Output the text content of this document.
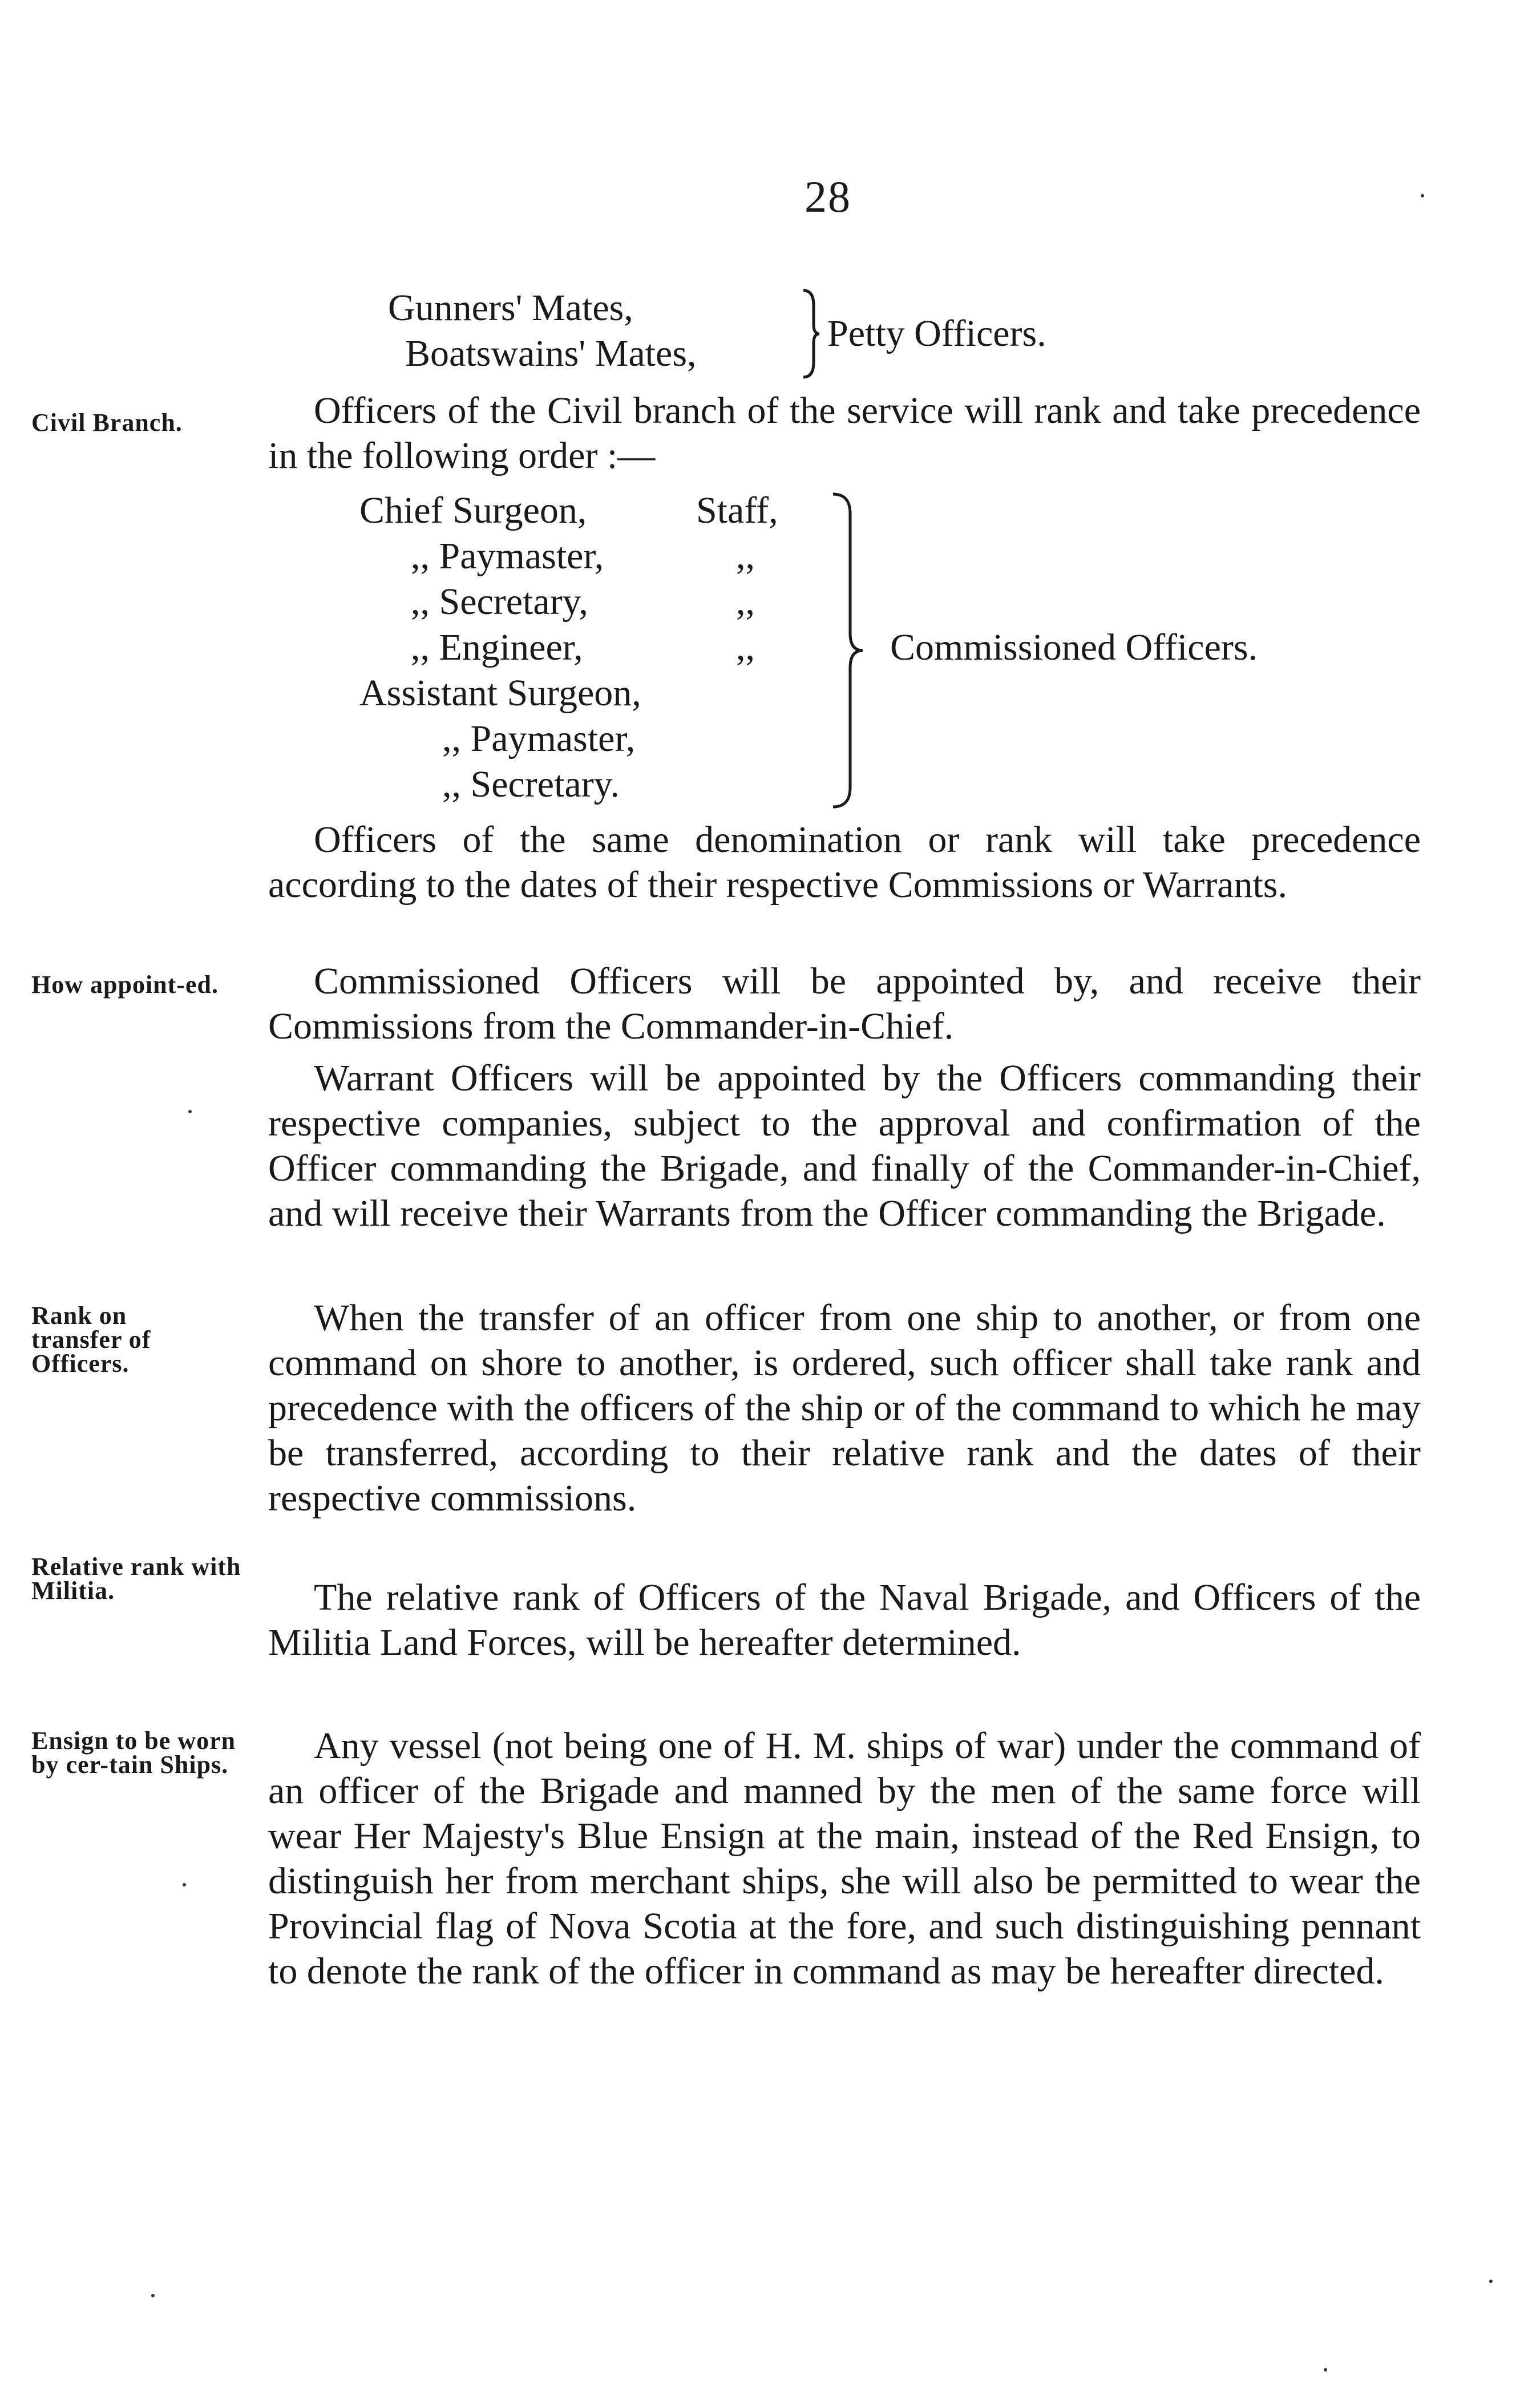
28
Gunners' Mates,
Boatswains' Mates,	Petty Officers.
Civil Branch.	Officers of the Civil branch of the service will rank and take precedence in the following order :—

Chief Surgeon,	Staff,
,, Paymaster,	,,
,, Secretary,	,,
,, Engineer,	,,
Assistant Surgeon,
,, Paymaster,
,, Secretary.
Commissioned Officers.

Officers of the same denomination or rank will take precedence according to the dates of their respective Commissions or Warrants.

How appoint-ed.	Commissioned Officers will be appointed by, and receive their Commissions from the Commander-in-Chief.

Warrant Officers will be appointed by the Officers commanding their respective companies, subject to the approval and confirmation of the Officer commanding the Brigade, and finally of the Commander-in-Chief, and will receive their Warrants from the Officer commanding the Brigade.

Rank on transfer of Officers.

When the transfer of an officer from one ship to another, or from one command on shore to another, is ordered, such officer shall take rank and precedence with the officers of the ship or of the command to which he may be transferred, according to their relative rank and the dates of their respective commissions.

Relative rank with Militia.	The relative rank of Officers of the Naval Brigade, and Officers of the Militia Land Forces, will be hereafter determined.

Ensign to be worn by cer-tain Ships.	Any vessel (not being one of H. M. ships of war) under the command of an officer of the Brigade and manned by the men of the same force will wear Her Majesty's Blue Ensign at the main, instead of the Red Ensign, to distinguish her from merchant ships, she will also be permitted to wear the Provincial flag of Nova Scotia at the fore, and such distinguishing pennant to denote the rank of the officer in command as may be hereafter directed.
